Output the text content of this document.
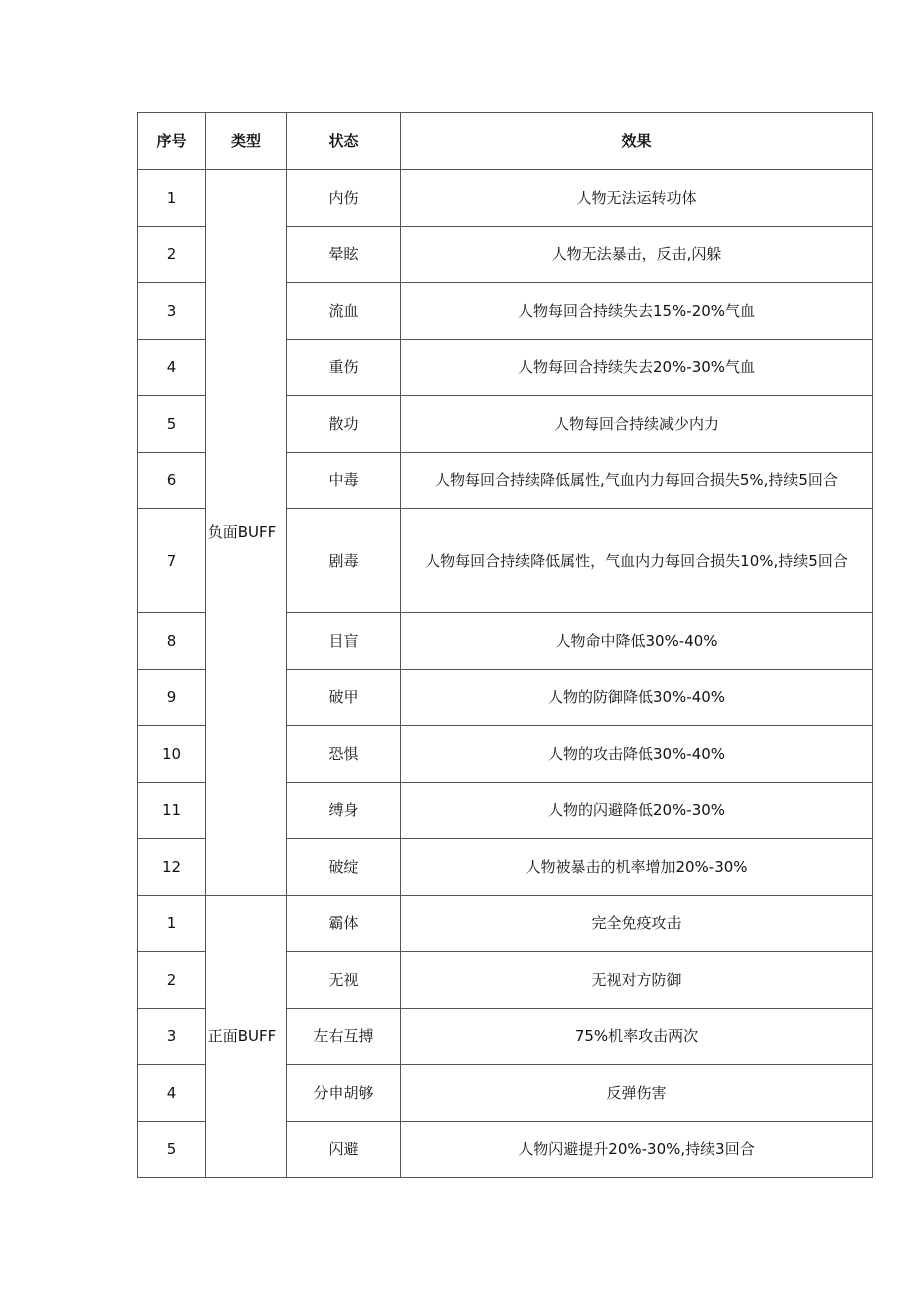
序号	类型	状态	效果
1	负面BUFF	内伤	人物无法运转功体
2		晕眩	人物无法暴击，反击,闪躲
3		流血	人物每回合持续失去15%-20%气血
4		重伤	人物每回合持续失去20%-30%气血
5		散功	人物每回合持续减少内力
6		中毒	人物每回合持续降低属性,气血内力每回合损失5%,持续5回合
7		剧毒	人物每回合持续降低属性，气血内力每回合损失10%,持续5回合
8		目盲	人物命中降低30%-40%
9		破甲	人物的防御降低30%-40%
10		恐惧	人物的攻击降低30%-40%
11		缚身	人物的闪避降低20%-30%
12		破绽	人物被暴击的机率增加20%-30%
1	正面BUFF	霸体	完全免疫攻击
2		无视	无视对方防御
3		左右互搏	75%机率攻击两次
4		分申胡够	反弹伤害
5		闪避	人物闪避提升20%-30%,持续3回合
